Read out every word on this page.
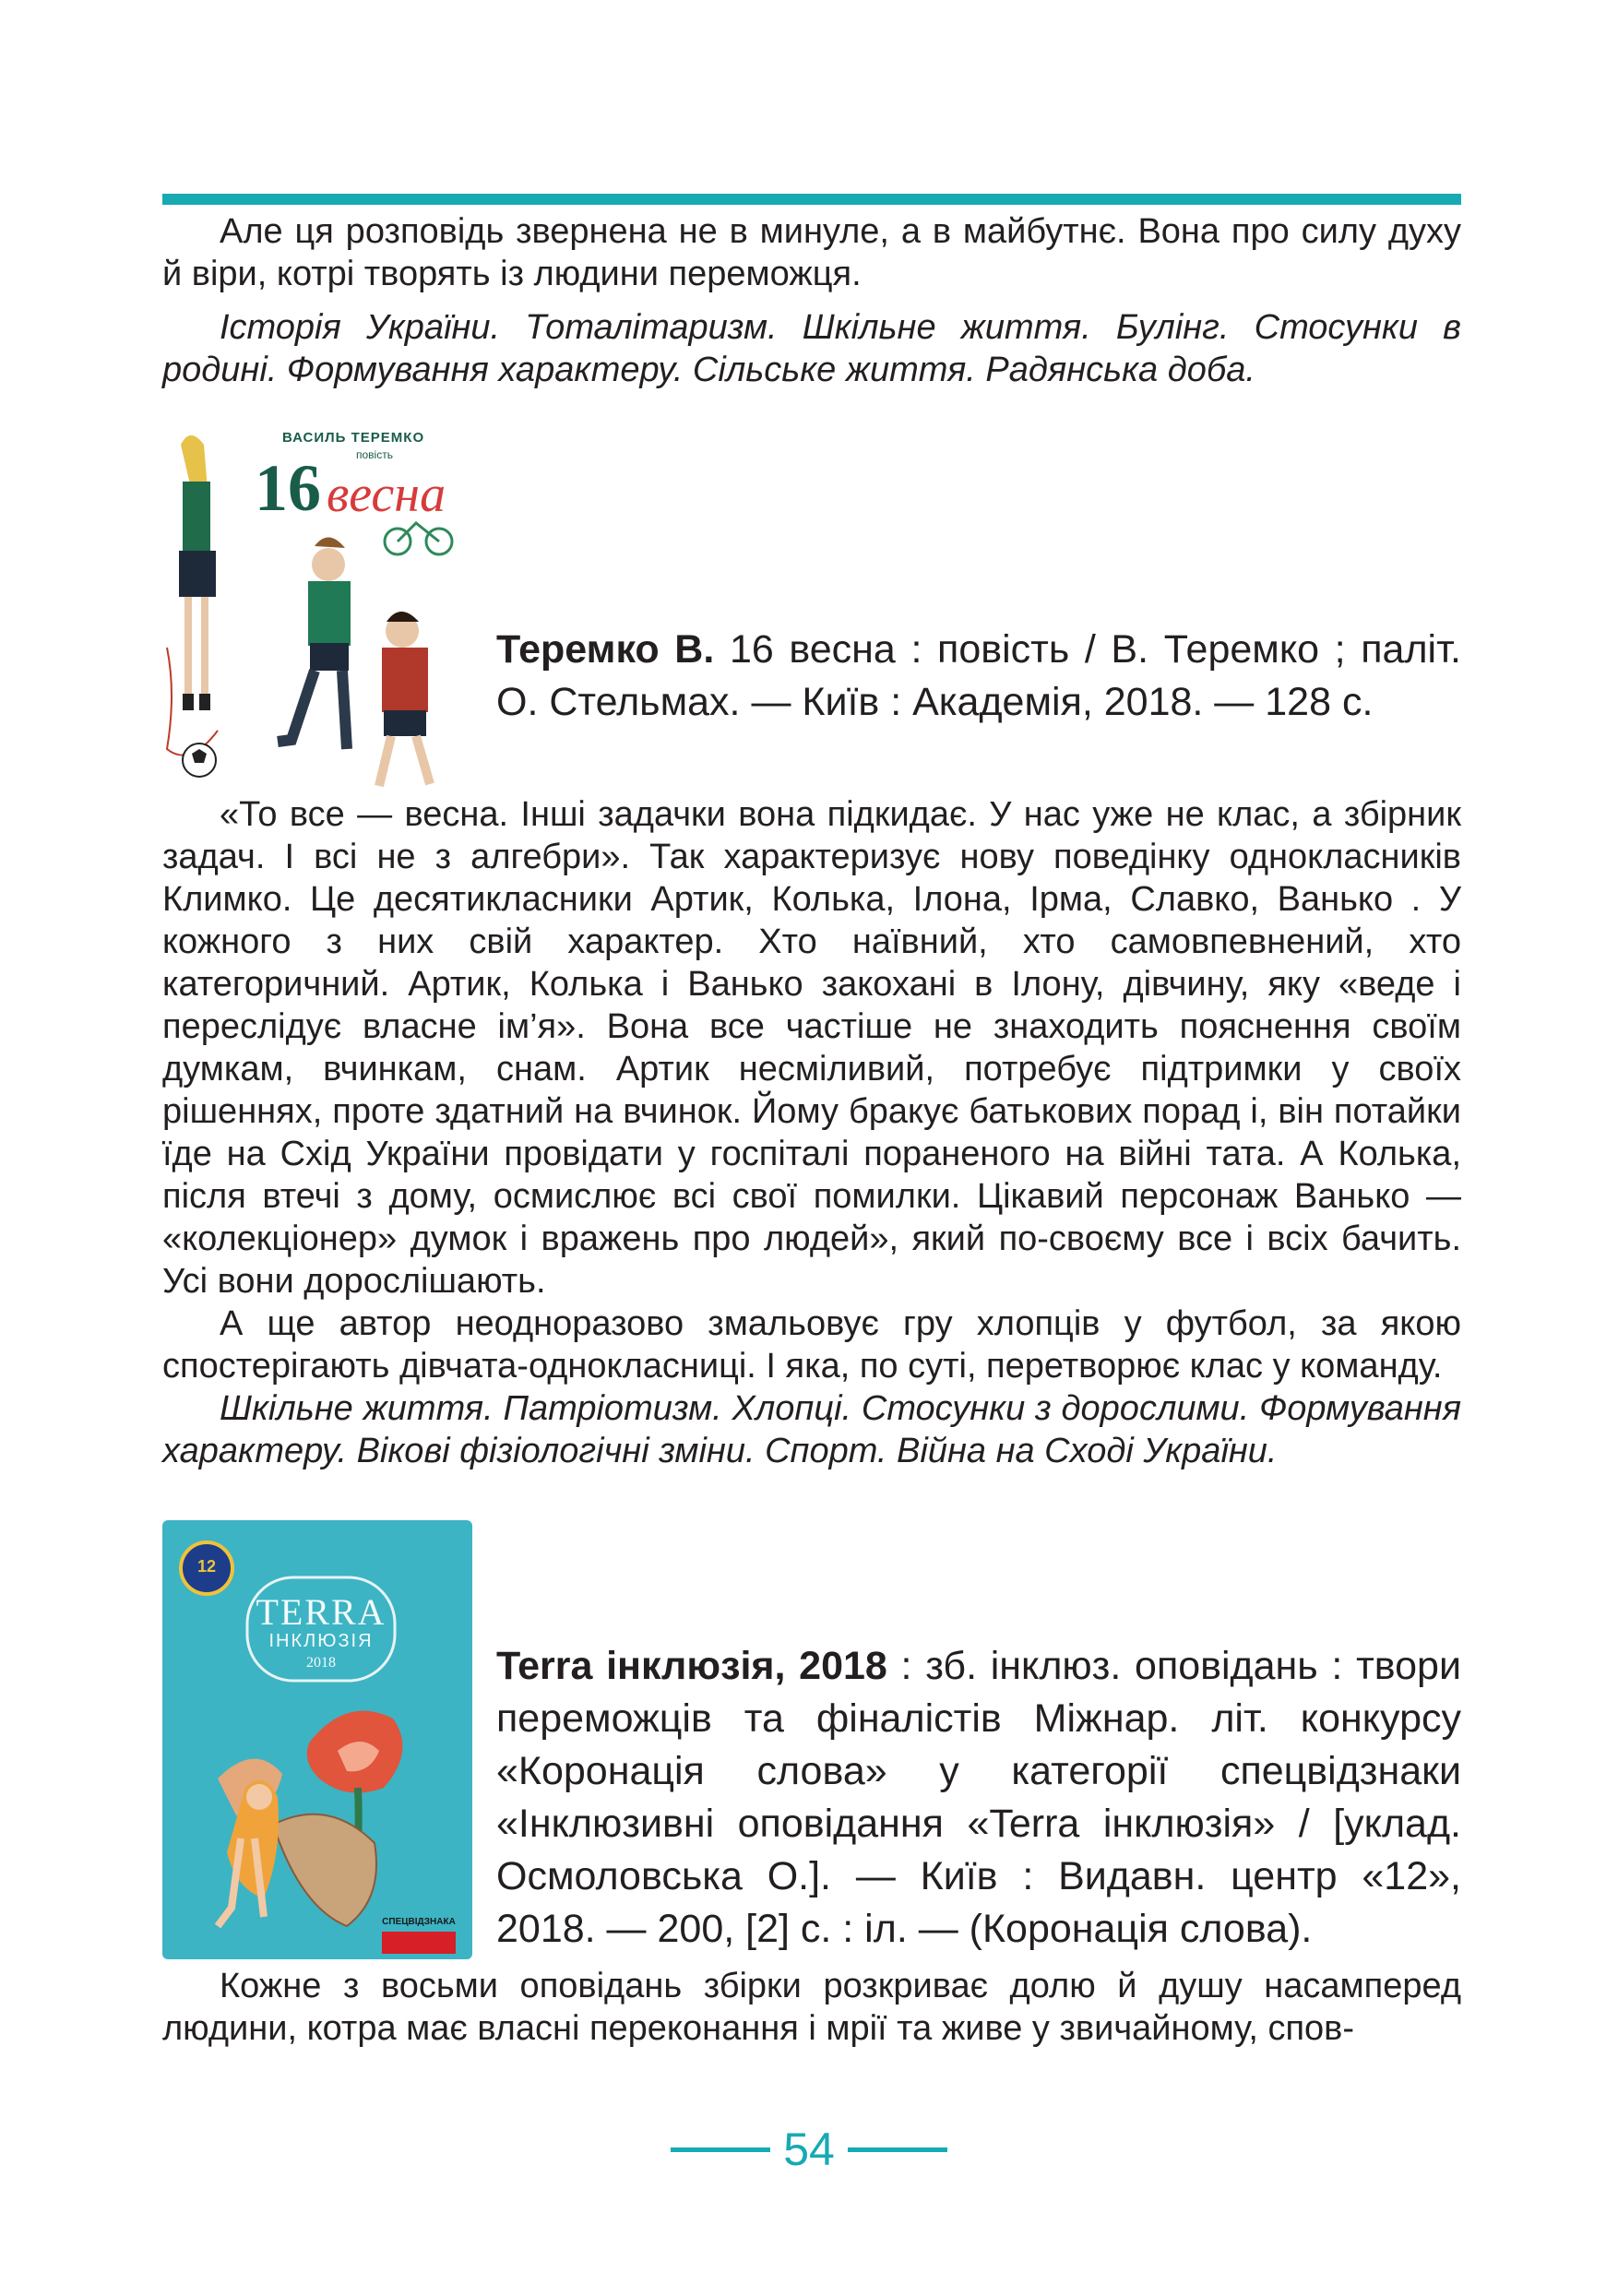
Але ця розповідь звернена не в минуле, а в майбутнє. Вона про силу духу й віри, котрі творять із людини переможця.

Історія України. Тоталітаризм. Шкільне життя. Булінг. Стосунки в родині. Формування характеру. Сільське життя. Радянська доба.

ВАСИЛЬ ТЕРЕМКО
повість
16 весна

Теремко В. 16 весна : повість / В. Теремко ; паліт. О. Стельмах. — Київ : Академія, 2018. — 128 с.

«То все — весна. Інші задачки вона підкидає. У нас уже не клас, а збірник задач. І всі не з алгебри». Так характеризує нову поведінку однокласників Климко. Це десятикласники Артик, Колька, Ілона, Ірма, Славко, Ванько . У кожного з них свій характер. Хто наївний, хто самовпевнений, хто категоричний. Артик, Колька і Ванько закохані в Ілону, дівчину, яку «веде і переслідує власне ім’я». Вона все частіше не знаходить пояснення своїм думкам, вчинкам, снам. Артик несміливий, потребує підтримки у своїх рішеннях, проте здатний на вчинок. Йому бракує батькових порад і, він потайки їде на Схід України провідати у госпіталі пораненого на війні тата. А Колька, після втечі з дому, осмислює всі свої помилки. Цікавий персонаж Ванько — «колекціонер» думок і вражень про людей», який по-своєму все і всіх бачить. Усі вони дорослішають.

А ще автор неодноразово змальовує гру хлопців у футбол, за якою спостерігають дівчата-однокласниці. І яка, по суті, перетворює клас у команду.

Шкільне життя. Патріотизм. Хлопці. Стосунки з дорослими. Формування характеру. Вікові фізіологічні зміни. Спорт. Війна на Сході України.

12
TERRA
ІНКЛЮЗІЯ
2018
СПЕЦВІДЗНАКА

Terra інклюзія, 2018 : зб. інклюз. оповідань : твори переможців та фіналістів Міжнар. літ. конкурсу «Коронація слова» у категорії спецвідзнаки «Інклюзивні оповідання «Terra інклюзія» / [уклад. Осмоловська О.]. — Київ : Видавн. центр «12», 2018. — 200, [2] с. : іл. — (Коронація слова).

Кожне з восьми оповідань збірки розкриває долю й душу насамперед людини, котра має власні переконання і мрії та живе у звичайному, спов-

54
